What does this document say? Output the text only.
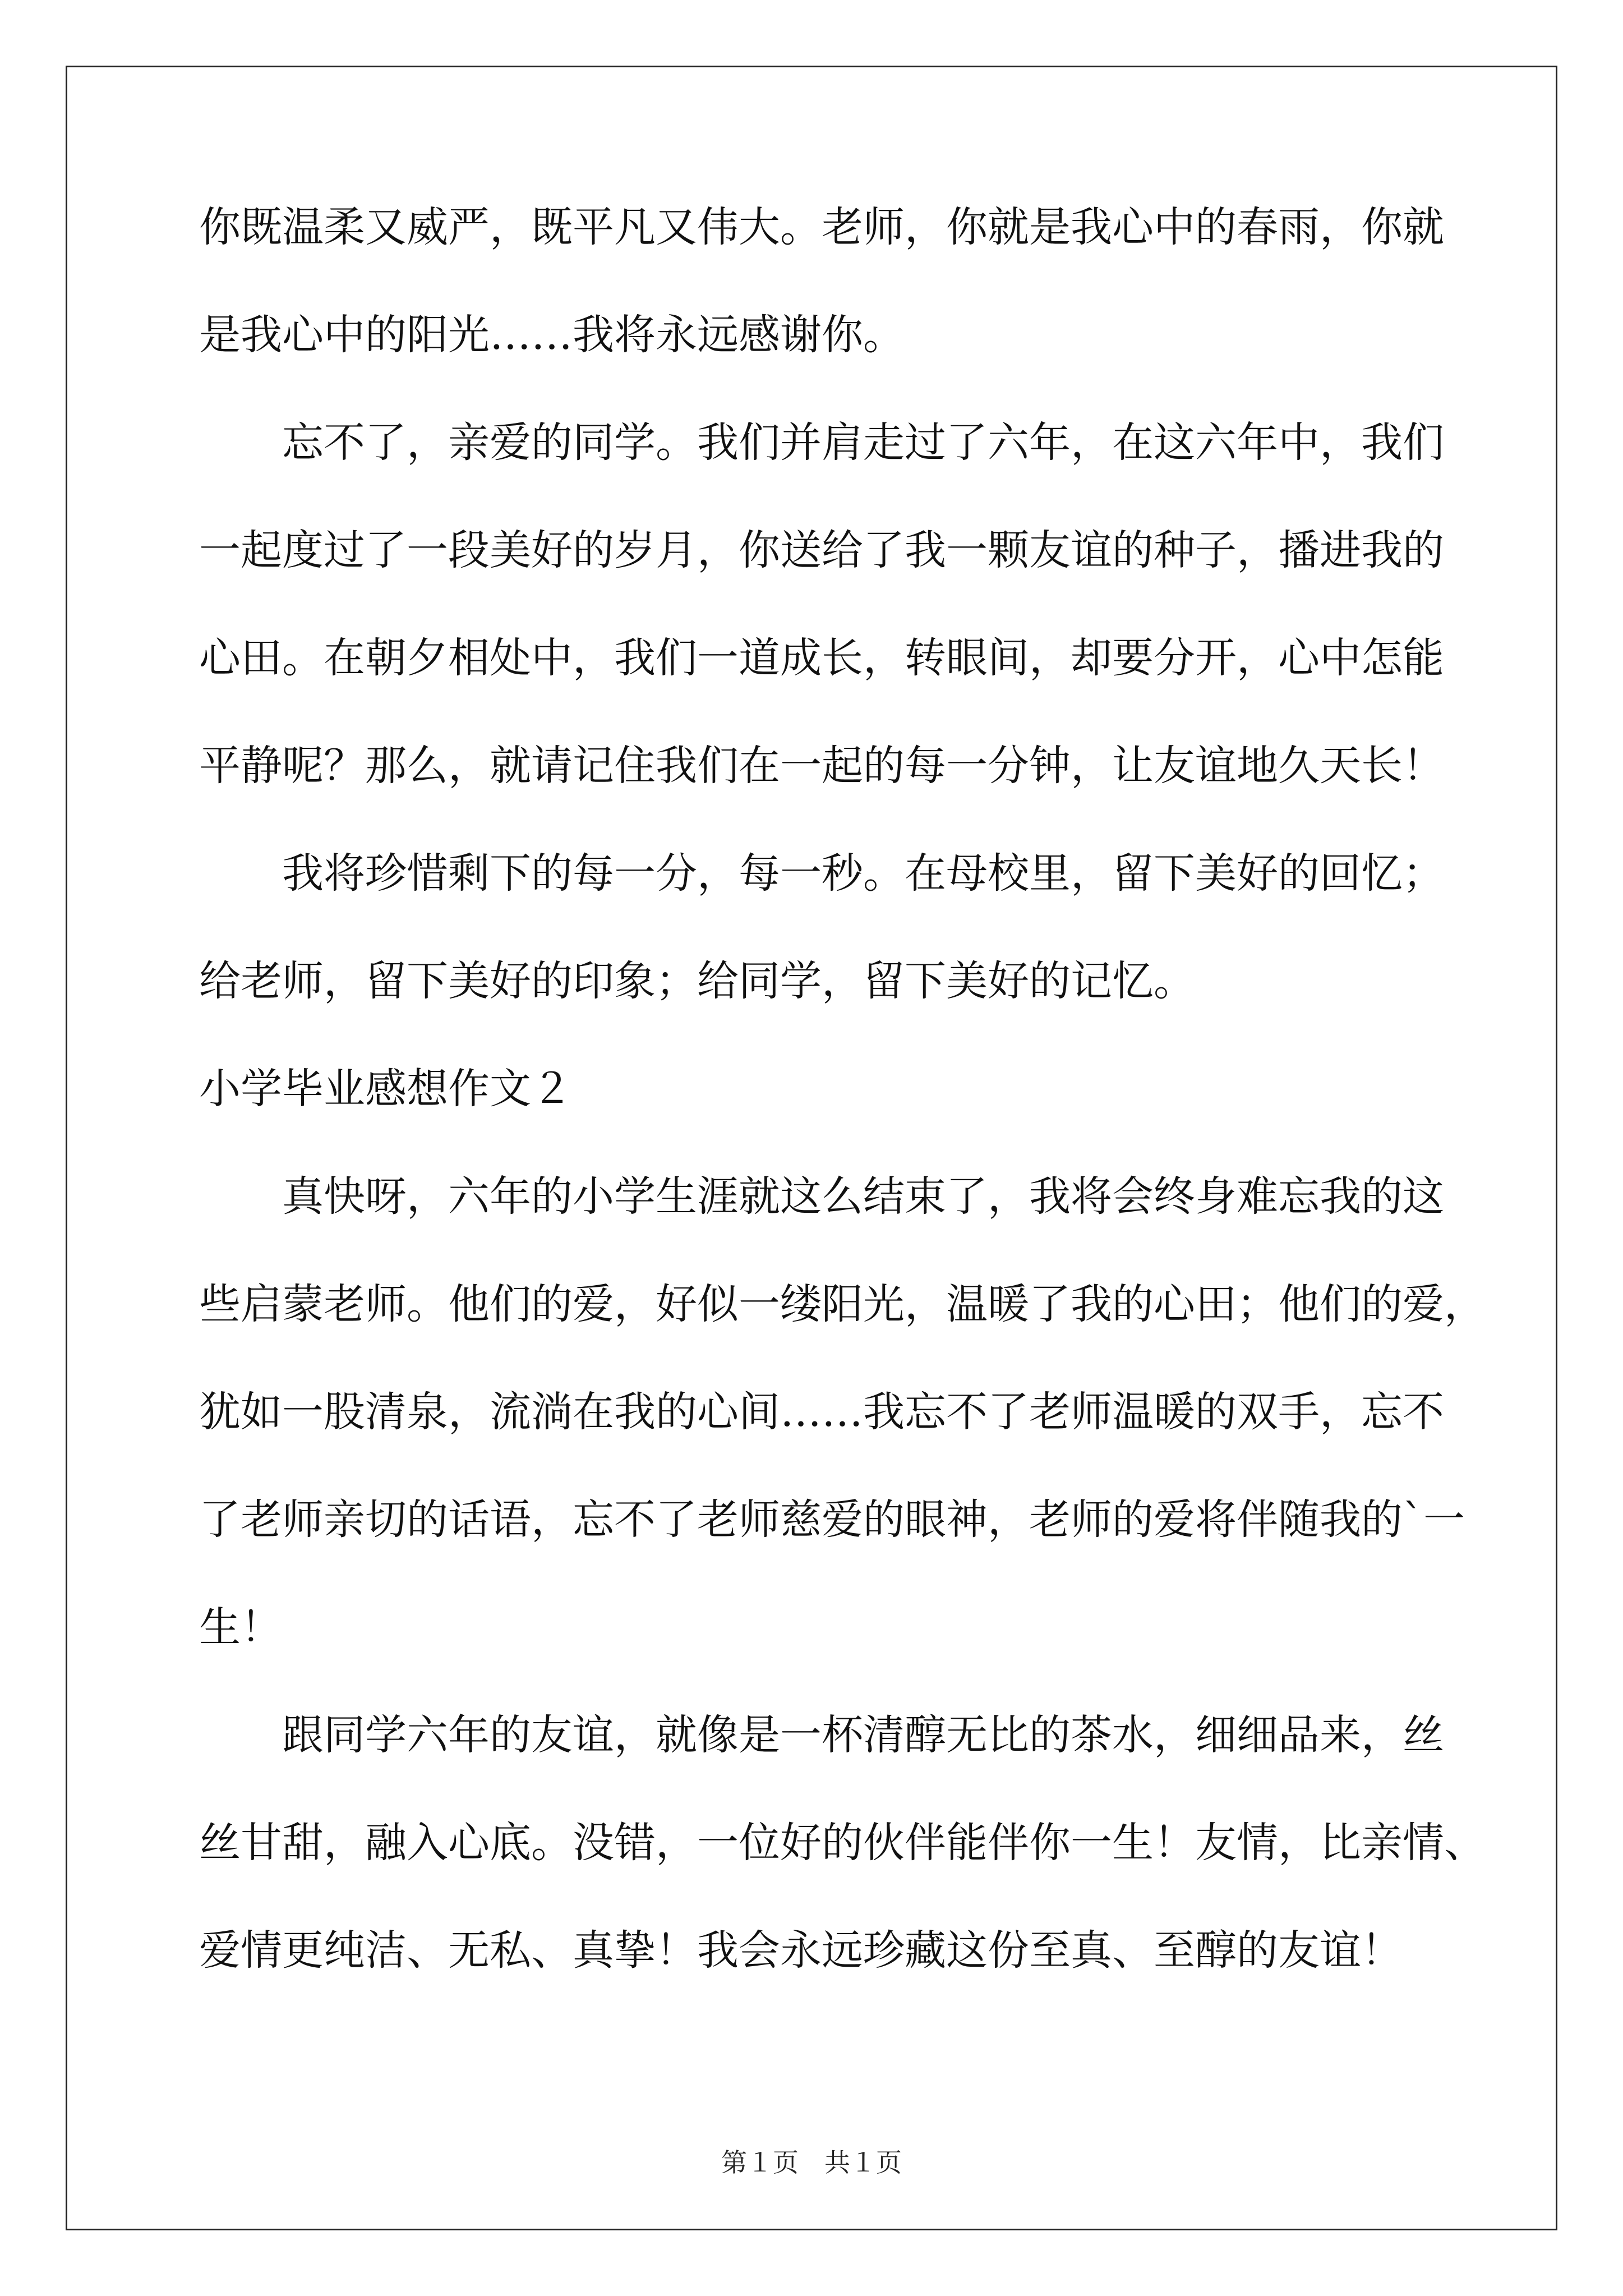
你既温柔又威严，既平凡又伟大。老师，你就是我心中的春雨，你就

是我心中的阳光……我将永远感谢你。

　　忘不了，亲爱的同学。我们并肩走过了六年，在这六年中，我们

一起度过了一段美好的岁月，你送给了我一颗友谊的种子，播进我的

心田。在朝夕相处中，我们一道成长，转眼间，却要分开，心中怎能

平静呢？那么，就请记住我们在一起的每一分钟，让友谊地久天长！

　　我将珍惜剩下的每一分，每一秒。在母校里，留下美好的回忆；

给老师，留下美好的印象；给同学，留下美好的记忆。

小学毕业感想作文２

　　真快呀，六年的小学生涯就这么结束了，我将会终身难忘我的这

些启蒙老师。他们的爱，好似一缕阳光，温暖了我的心田；他们的爱，

犹如一股清泉，流淌在我的心间……我忘不了老师温暖的双手，忘不

了老师亲切的话语，忘不了老师慈爱的眼神，老师的爱将伴随我的`一

生！

　　跟同学六年的友谊，就像是一杯清醇无比的茶水，细细品来，丝

丝甘甜，融入心底。没错，一位好的伙伴能伴你一生！友情，比亲情、

爱情更纯洁、无私、真挚！我会永远珍藏这份至真、至醇的友谊！

第１页　共１页
